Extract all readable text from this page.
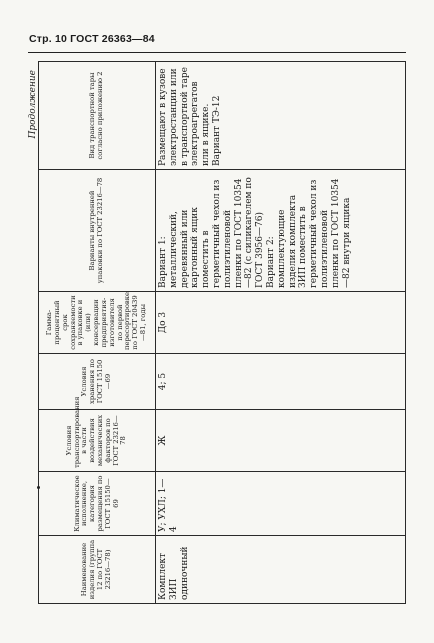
Стр. 10 ГОСТ 26363—84
Продолжение
Наименование изделия (группа 12 по ГОСТ 23216—78)	Климатическое исполнение, категория размещения по ГОСТ 15150—69	Условия транспортирования в части воздействия механических факторов по ГОСТ 23216—78	Условия хранения по ГОСТ 15150—69	Гамма-процентный срок сохраняемости в упаковке и (или) консервации предприятия-изготовителя по первой пересортировке по ГОСТ 20439—81, годы	Варианты внутренней упаковки по ГОСТ 23216—78	Вид транспортной тары согласно приложению 2
Комплект ЗИП одиночный	У; УХЛ; 1—4	Ж	4; 5	До 3	Вариант 1: металлический, деревянный или картонный ящик поместить в герметичный чехол из полиэтиленовой пленки по ГОСТ 10354—82 (с силикагелем по ГОСТ 3956—76) Вариант 2: комплектующие изделия комплекта ЗИП поместить в герметичный чехол из полиэтиленовой пленки по ГОСТ 10354—82 внутри ящика	Размещают в кузове электростанции или в транспортной таре электроагрегатов или в ящике. Вариант ТЭ-12
